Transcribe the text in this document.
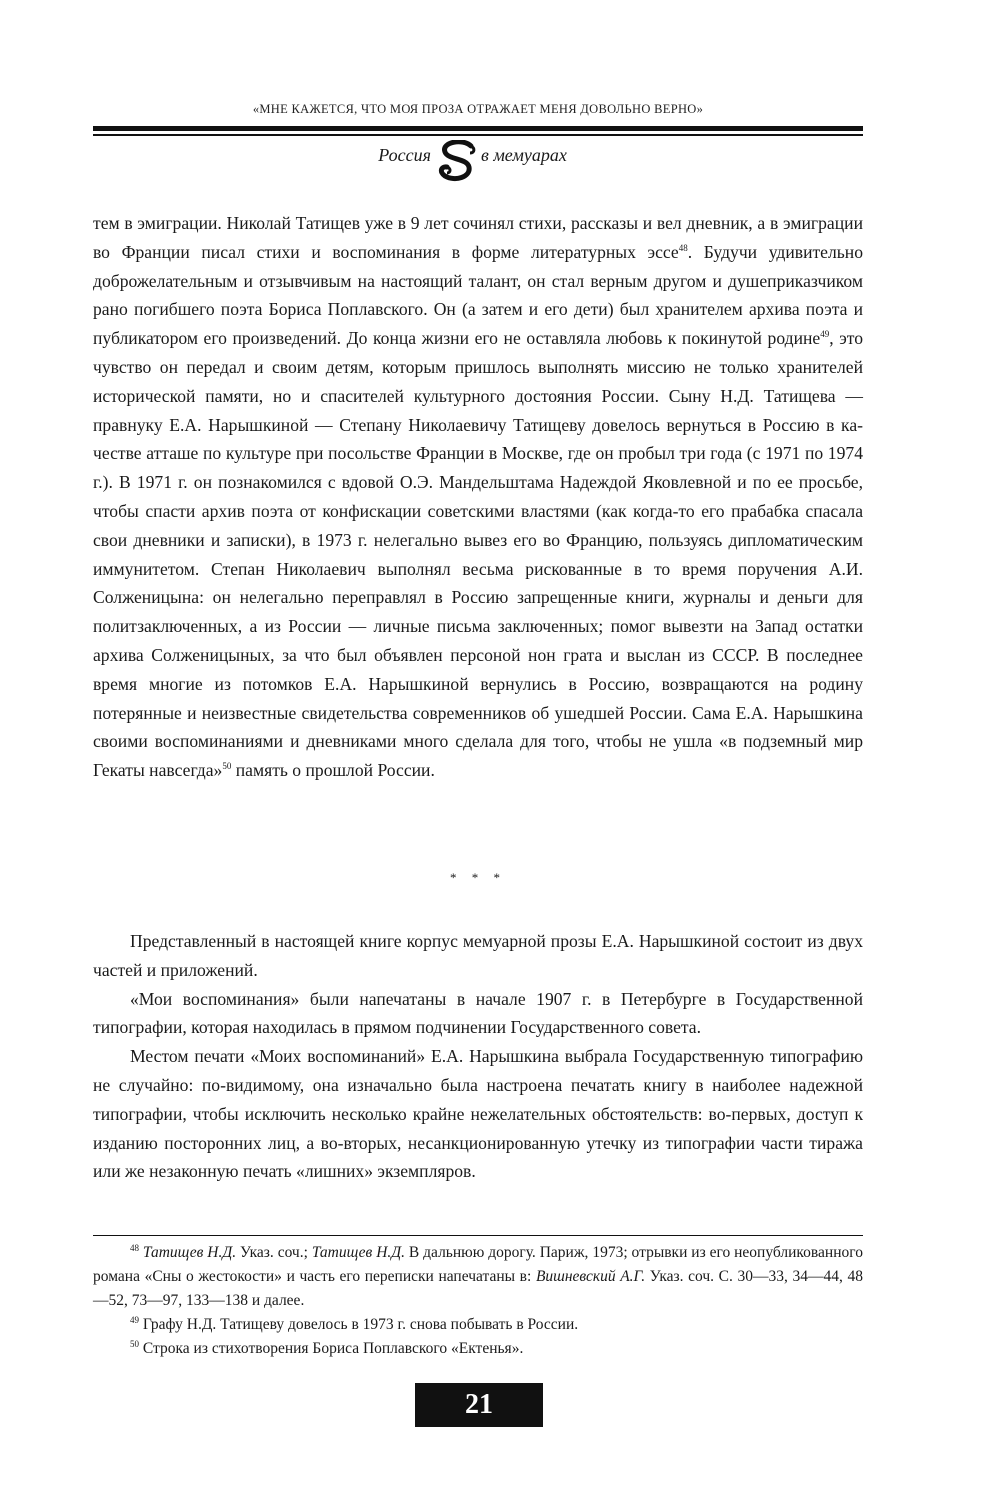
«МНЕ КАЖЕТСЯ, ЧТО МОЯ ПРОЗА ОТРАЖАЕТ МЕНЯ ДОВОЛЬНО ВЕРНО»
Россия	в мемуарах

тем в эмиграции. Николай Татищев уже в 9 лет сочинял стихи, рассказы и вел дневник, а в эмиграции во Франции писал стихи и воспоминания в форме литературных эссе$^{48}$. Будучи удивительно доброжелательным и отзывчивым на настоящий талант, он стал верным другом и душеприказчиком рано погибшего поэта Бориса Поплавского. Он (а затем и его дети) был хранителем архива поэта и публикатором его произведений. До конца жизни его не оставляла любовь к покинутой родине$^{49}$, это чувство он передал и своим детям, которым пришлось выполнять миссию не только хранителей исторической памяти, но и спасителей культурного достояния России. Сыну Н.Д. Татищева — правнуку Е.А. Нарышкиной — Степану Николаевичу Татищеву довелось вернуться в Россию в качестве атташе по культуре при посольстве Франции в Москве, где он пробыл три года (с 1971 по 1974 г.). В 1971 г. он познакомился с вдовой О.Э. Мандельштама Надеждой Яковлевной и по ее просьбе, чтобы спасти архив поэта от конфискации советскими властями (как когда-то его прабабка спасала свои дневники и записки), в 1973 г. нелегально вывез его во Францию, пользуясь дипломатическим иммунитетом. Степан Николаевич выполнял весьма рискованные в то время поручения А.И. Солженицына: он нелегально переправлял в Россию запрещенные книги, журналы и деньги для политзаключенных, а из России — личные письма заключенных; помог вывезти на Запад остатки архива Солженицыных, за что был объявлен персоной нон грата и выслан из СССР. В последнее время многие из потомков Е.А. Нарышкиной вернулись в Россию, возвращаются на родину потерянные и неизвестные свидетельства современников об ушедшей России. Сама Е.А. Нарышкина своими воспоминаниями и дневниками много сделала для того, чтобы не ушла «в подземный мир Гекаты навсегда»$^{50}$ память о прошлой России.

* * *

Представленный в настоящей книге корпус мемуарной прозы Е.А. Нарышкиной состоит из двух частей и приложений.

«Мои воспоминания» были напечатаны в начале 1907 г. в Петербурге в Государственной типографии, которая находилась в прямом подчинении Государственного совета.

Местом печати «Моих воспоминаний» Е.А. Нарышкина выбрала Государственную типографию не случайно: по-видимому, она изначально была настроена печатать книгу в наиболее надежной типографии, чтобы исключить несколько крайне нежелательных обстоятельств: во-первых, доступ к изданию посторонних лиц, а во-вторых, несанкционированную утечку из типографии части тиража или же незаконную печать «лишних» экземпляров.

$^{48}$ Татищев Н.Д. Указ. соч.; Татищев Н.Д. В дальнюю дорогу. Париж, 1973; отрывки из его неопубликованного романа «Сны о жестокости» и часть его переписки напечатаны в: Вишневский А.Г. Указ. соч. С. 30—33, 34—44, 48—52, 73—97, 133—138 и далее.

$^{49}$ Графу Н.Д. Татищеву довелось в 1973 г. снова побывать в России.

$^{50}$ Строка из стихотворения Бориса Поплавского «Ектенья».

21
